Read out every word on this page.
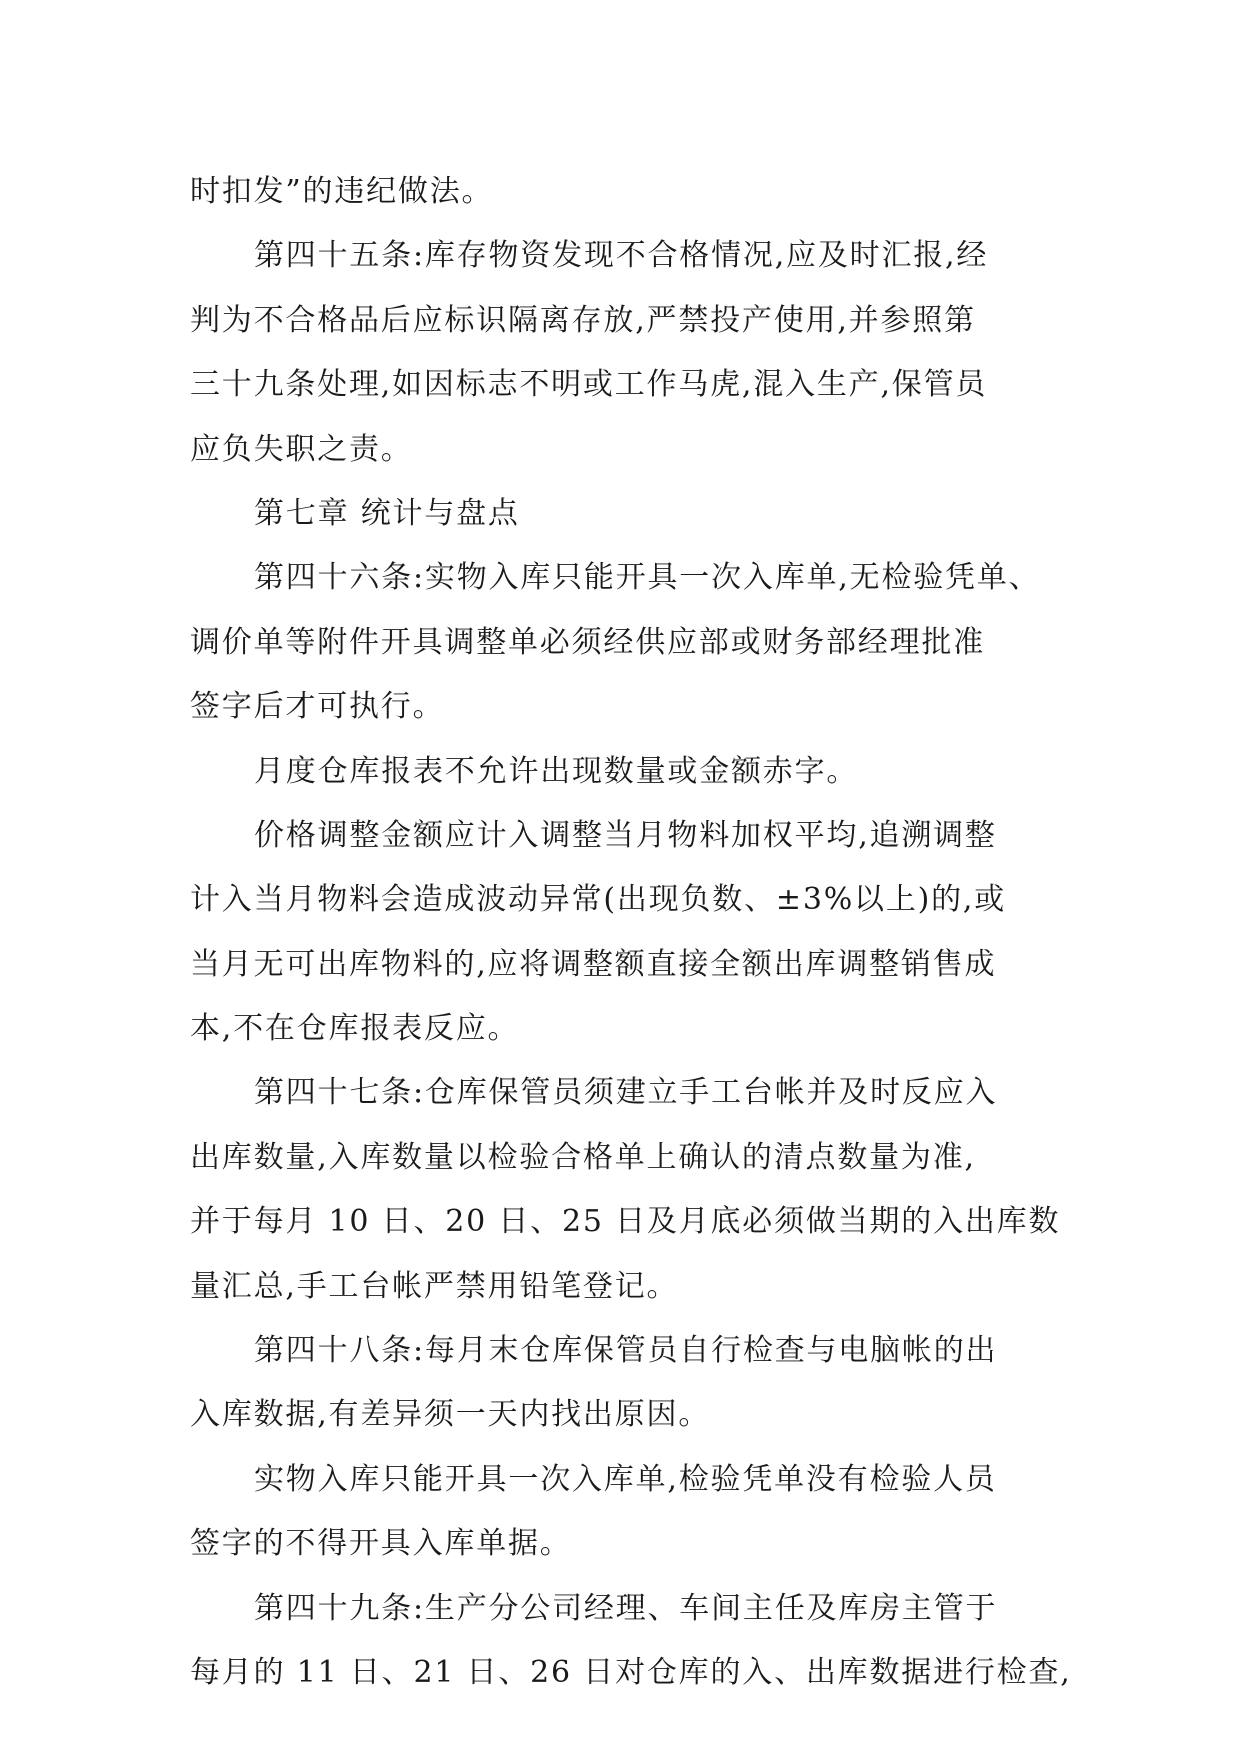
时扣发”的违纪做法。
第四十五条:库存物资发现不合格情况,应及时汇报,经
判为不合格品后应标识隔离存放,严禁投产使用,并参照第
三十九条处理,如因标志不明或工作马虎,混入生产,保管员
应负失职之责。
第七章 统计与盘点
第四十六条:实物入库只能开具一次入库单,无检验凭单、
调价单等附件开具调整单必须经供应部或财务部经理批准
签字后才可执行。
月度仓库报表不允许出现数量或金额赤字。
价格调整金额应计入调整当月物料加权平均,追溯调整
计入当月物料会造成波动异常(出现负数、±3%以上)的,或
当月无可出库物料的,应将调整额直接全额出库调整销售成
本,不在仓库报表反应。
第四十七条:仓库保管员须建立手工台帐并及时反应入
出库数量,入库数量以检验合格单上确认的清点数量为准,
并于每月 10 日、20 日、25 日及月底必须做当期的入出库数
量汇总,手工台帐严禁用铅笔登记。
第四十八条:每月末仓库保管员自行检查与电脑帐的出
入库数据,有差异须一天内找出原因。
实物入库只能开具一次入库单,检验凭单没有检验人员
签字的不得开具入库单据。
第四十九条:生产分公司经理、车间主任及库房主管于
每月的 11 日、21 日、26 日对仓库的入、出库数据进行检查,
